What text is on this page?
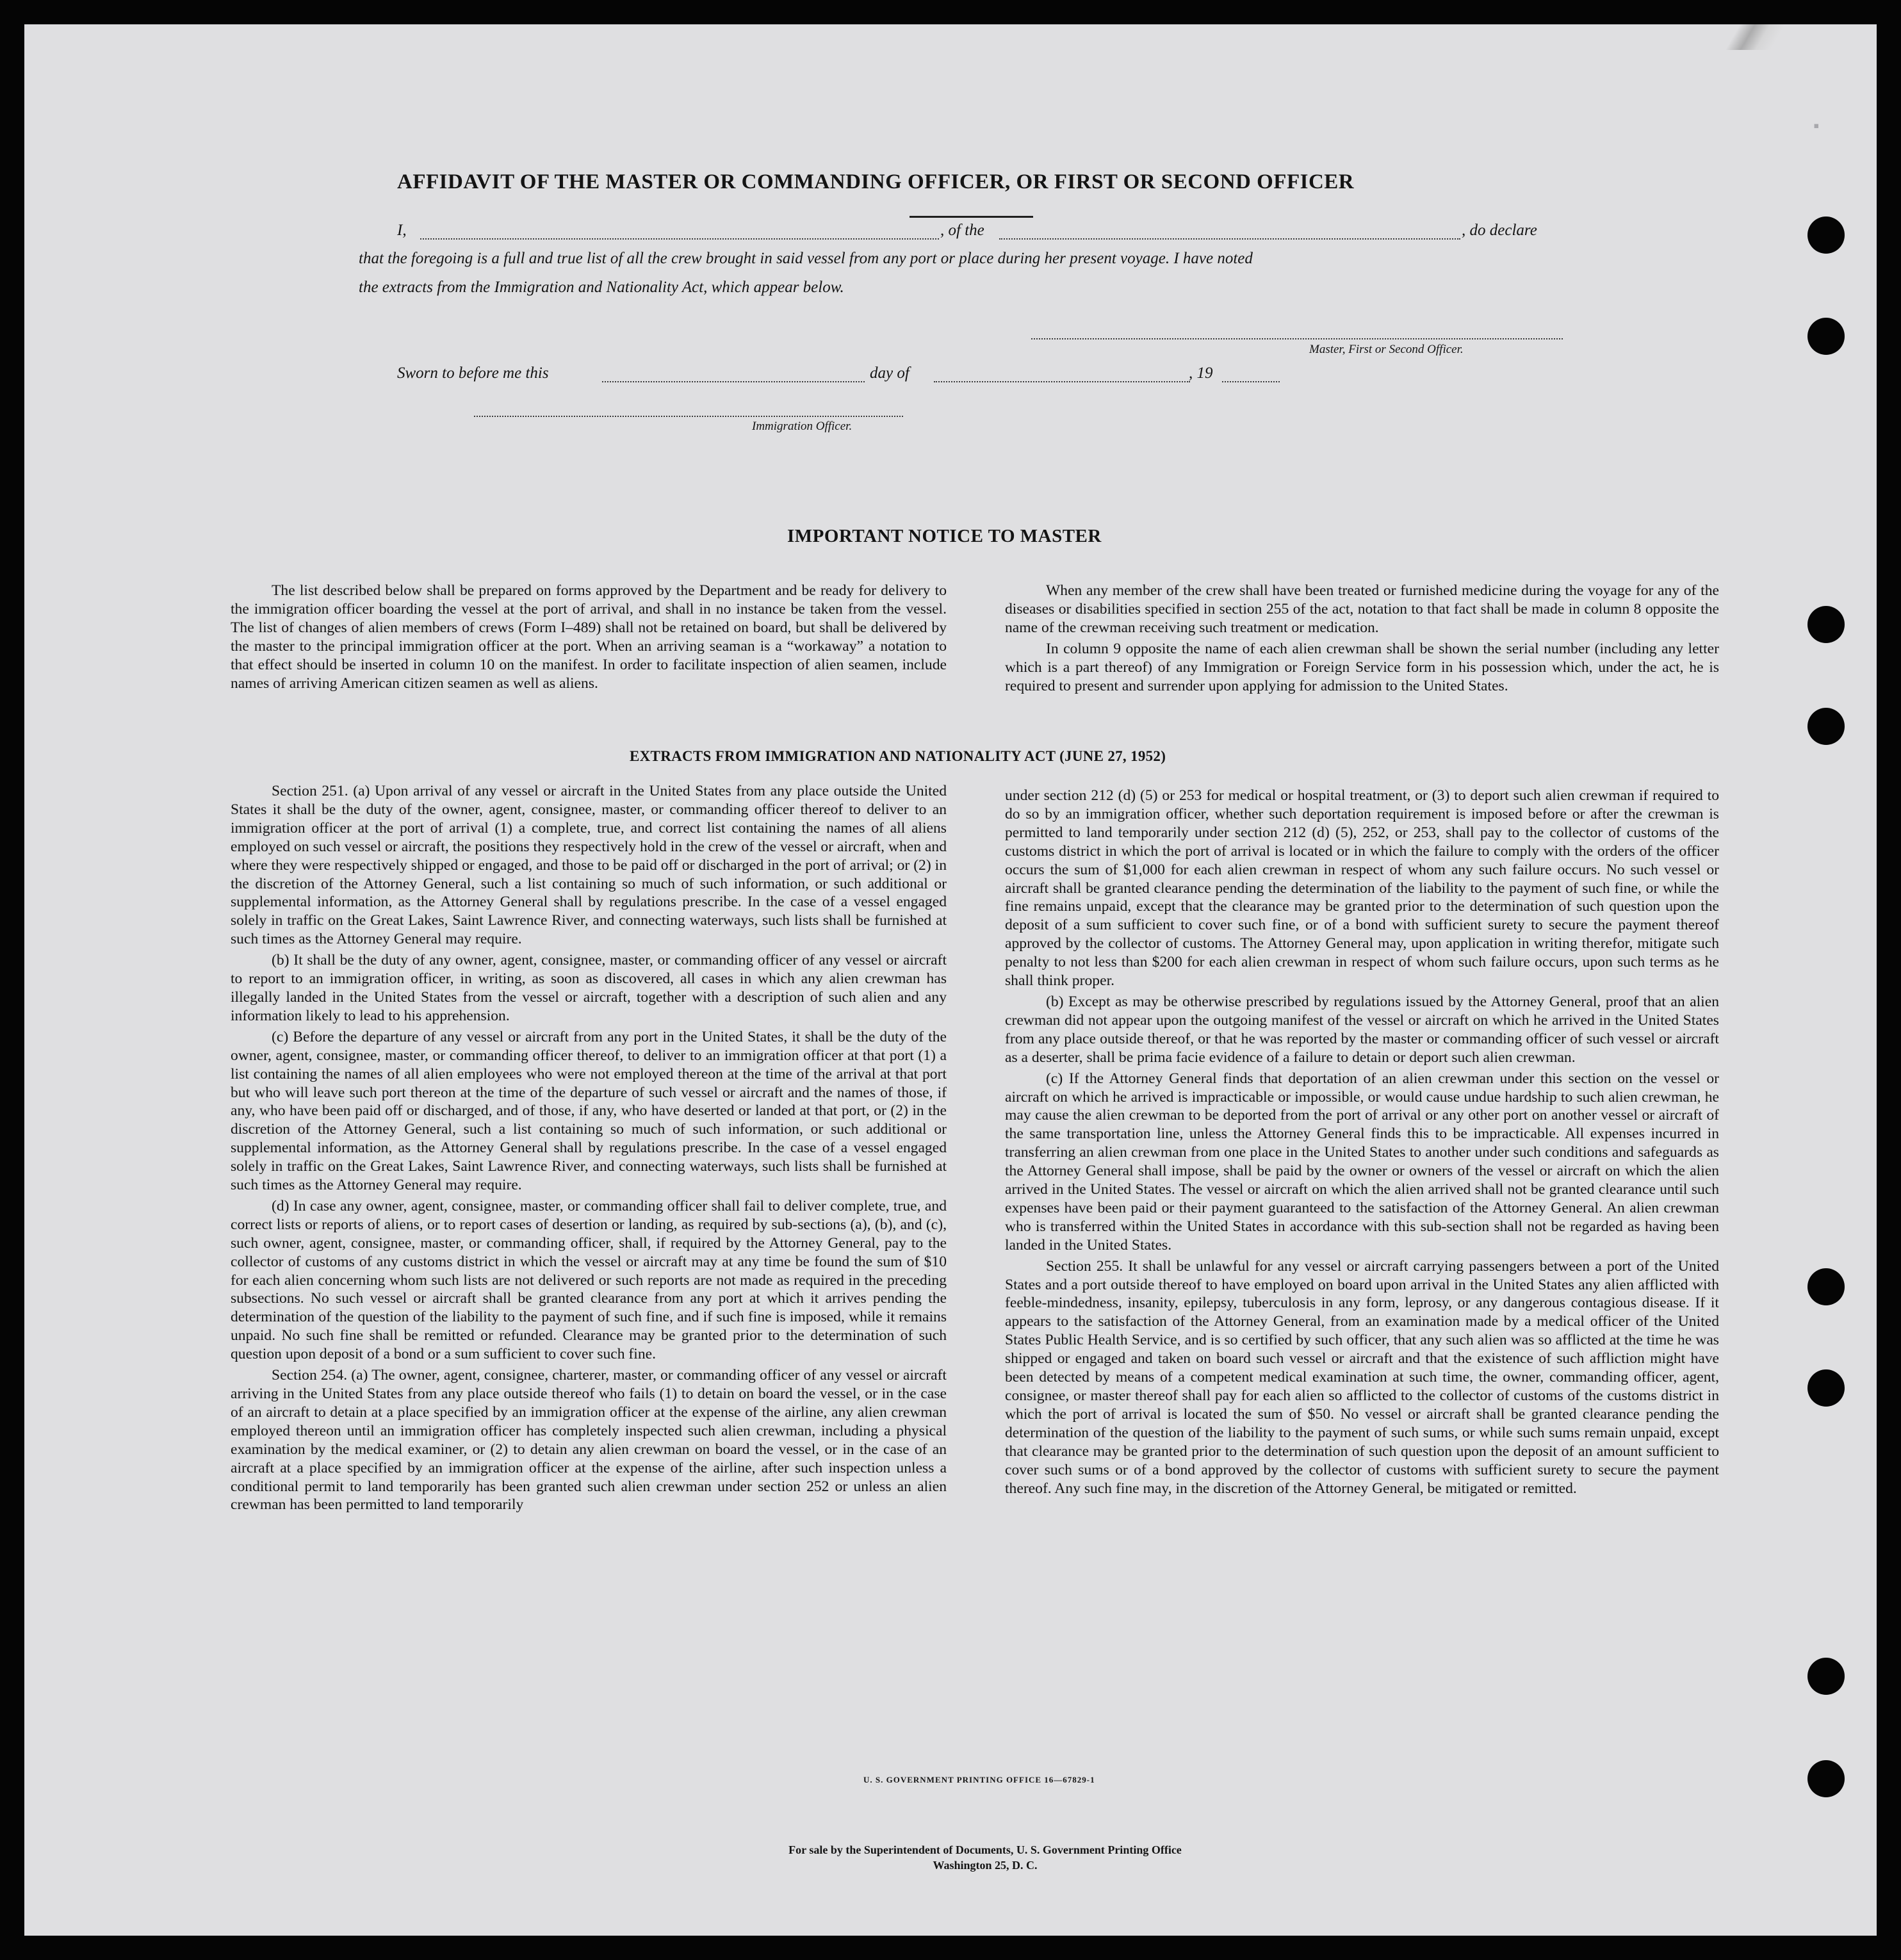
▪
AFFIDAVIT OF THE MASTER OR COMMANDING OFFICER, OR FIRST OR SECOND OFFICER
I,	, of the	, do declare
that the foregoing is a full and true list of all the crew brought in said vessel from any port or place during her present voyage. I have noted
the extracts from the Immigration and Nationality Act, which appear below.
Master, First or Second Officer.
Sworn to before me this	day of	, 19
Immigration Officer.
IMPORTANT NOTICE TO MASTER

The list described below shall be prepared on forms approved by the Department and be ready for delivery to the immigration officer boarding the vessel at the port of arrival, and shall in no instance be taken from the vessel. The list of changes of alien members of crews (Form I–489) shall not be retained on board, but shall be delivered by the master to the principal immigration officer at the port. When an arriving seaman is a “workaway” a notation to that effect should be inserted in column 10 on the manifest. In order to facilitate inspection of alien seamen, include names of arriving American citizen seamen as well as aliens.

When any member of the crew shall have been treated or furnished medicine during the voyage for any of the diseases or disabilities specified in section 255 of the act, notation to that fact shall be made in column 8 opposite the name of the crewman receiving such treatment or medication.

In column 9 opposite the name of each alien crewman shall be shown the serial number (including any letter which is a part thereof) of any Immigration or Foreign Service form in his possession which, under the act, he is required to present and surrender upon applying for admission to the United States.

EXTRACTS FROM IMMIGRATION AND NATIONALITY ACT (JUNE 27, 1952)

Section 251. (a) Upon arrival of any vessel or aircraft in the United States from any place outside the United States it shall be the duty of the owner, agent, consignee, master, or commanding officer thereof to deliver to an immigration officer at the port of arrival (1) a complete, true, and correct list containing the names of all aliens employed on such vessel or aircraft, the positions they respectively hold in the crew of the vessel or aircraft, when and where they were respectively shipped or engaged, and those to be paid off or discharged in the port of arrival; or (2) in the discretion of the Attorney General, such a list containing so much of such information, or such additional or supplemental information, as the Attorney General shall by regulations prescribe. In the case of a vessel engaged solely in traffic on the Great Lakes, Saint Lawrence River, and connecting waterways, such lists shall be furnished at such times as the Attorney General may require.

(b) It shall be the duty of any owner, agent, consignee, master, or commanding officer of any vessel or aircraft to report to an immigration officer, in writing, as soon as discovered, all cases in which any alien crewman has illegally landed in the United States from the vessel or aircraft, together with a description of such alien and any information likely to lead to his apprehension.

(c) Before the departure of any vessel or aircraft from any port in the United States, it shall be the duty of the owner, agent, consignee, master, or commanding officer thereof, to deliver to an immigration officer at that port (1) a list containing the names of all alien employees who were not employed thereon at the time of the arrival at that port but who will leave such port thereon at the time of the departure of such vessel or aircraft and the names of those, if any, who have been paid off or discharged, and of those, if any, who have deserted or landed at that port, or (2) in the discretion of the Attorney General, such a list containing so much of such information, or such additional or supplemental information, as the Attorney General shall by regulations prescribe. In the case of a vessel engaged solely in traffic on the Great Lakes, Saint Lawrence River, and connecting waterways, such lists shall be furnished at such times as the Attorney General may require.

(d) In case any owner, agent, consignee, master, or commanding officer shall fail to deliver complete, true, and correct lists or reports of aliens, or to report cases of desertion or landing, as required by sub-sections (a), (b), and (c), such owner, agent, consignee, master, or commanding officer, shall, if required by the Attorney General, pay to the collector of customs of any customs district in which the vessel or aircraft may at any time be found the sum of $10 for each alien concerning whom such lists are not delivered or such reports are not made as required in the preceding subsections. No such vessel or aircraft shall be granted clearance from any port at which it arrives pending the determination of the question of the liability to the payment of such fine, and if such fine is imposed, while it remains unpaid. No such fine shall be remitted or refunded. Clearance may be granted prior to the determination of such question upon deposit of a bond or a sum sufficient to cover such fine.

Section 254. (a) The owner, agent, consignee, charterer, master, or commanding officer of any vessel or aircraft arriving in the United States from any place outside thereof who fails (1) to detain on board the vessel, or in the case of an aircraft to detain at a place specified by an immigration officer at the expense of the airline, any alien crewman employed thereon until an immigration officer has completely inspected such alien crewman, including a physical examination by the medical examiner, or (2) to detain any alien crewman on board the vessel, or in the case of an aircraft at a place specified by an immigration officer at the expense of the airline, after such inspection unless a conditional permit to land temporarily has been granted such alien crewman under section 252 or unless an alien crewman has been permitted to land temporarily

under section 212 (d) (5) or 253 for medical or hospital treatment, or (3) to deport such alien crewman if required to do so by an immigration officer, whether such deportation requirement is imposed before or after the crewman is permitted to land temporarily under section 212 (d) (5), 252, or 253, shall pay to the collector of customs of the customs district in which the port of arrival is located or in which the failure to comply with the orders of the officer occurs the sum of $1,000 for each alien crewman in respect of whom any such failure occurs. No such vessel or aircraft shall be granted clearance pending the determination of the liability to the payment of such fine, or while the fine remains unpaid, except that the clearance may be granted prior to the determination of such question upon the deposit of a sum sufficient to cover such fine, or of a bond with sufficient surety to secure the payment thereof approved by the collector of customs. The Attorney General may, upon application in writing therefor, mitigate such penalty to not less than $200 for each alien crewman in respect of whom such failure occurs, upon such terms as he shall think proper.

(b) Except as may be otherwise prescribed by regulations issued by the Attorney General, proof that an alien crewman did not appear upon the outgoing manifest of the vessel or aircraft on which he arrived in the United States from any place outside thereof, or that he was reported by the master or commanding officer of such vessel or aircraft as a deserter, shall be prima facie evidence of a failure to detain or deport such alien crewman.

(c) If the Attorney General finds that deportation of an alien crewman under this section on the vessel or aircraft on which he arrived is impracticable or impossible, or would cause undue hardship to such alien crewman, he may cause the alien crewman to be deported from the port of arrival or any other port on another vessel or aircraft of the same transportation line, unless the Attorney General finds this to be impracticable. All expenses incurred in transferring an alien crewman from one place in the United States to another under such conditions and safeguards as the Attorney General shall impose, shall be paid by the owner or owners of the vessel or aircraft on which the alien arrived in the United States. The vessel or aircraft on which the alien arrived shall not be granted clearance until such expenses have been paid or their payment guaranteed to the satisfaction of the Attorney General. An alien crewman who is transferred within the United States in accordance with this sub-section shall not be regarded as having been landed in the United States.

Section 255. It shall be unlawful for any vessel or aircraft carrying passengers between a port of the United States and a port outside thereof to have employed on board upon arrival in the United States any alien afflicted with feeble-mindedness, insanity, epilepsy, tuberculosis in any form, leprosy, or any dangerous contagious disease. If it appears to the satisfaction of the Attorney General, from an examination made by a medical officer of the United States Public Health Service, and is so certified by such officer, that any such alien was so afflicted at the time he was shipped or engaged and taken on board such vessel or aircraft and that the existence of such affliction might have been detected by means of a competent medical examination at such time, the owner, commanding officer, agent, consignee, or master thereof shall pay for each alien so afflicted to the collector of customs of the customs district in which the port of arrival is located the sum of $50. No vessel or aircraft shall be granted clearance pending the determination of the question of the liability to the payment of such sums, or while such sums remain unpaid, except that clearance may be granted prior to the determination of such question upon the deposit of an amount sufficient to cover such sums or of a bond approved by the collector of customs with sufficient surety to secure the payment thereof. Any such fine may, in the discretion of the Attorney General, be mitigated or remitted.

U. S. GOVERNMENT PRINTING OFFICE 16—67829-1
For sale by the Superintendent of Documents, U. S. Government Printing Office
Washington 25, D. C.
